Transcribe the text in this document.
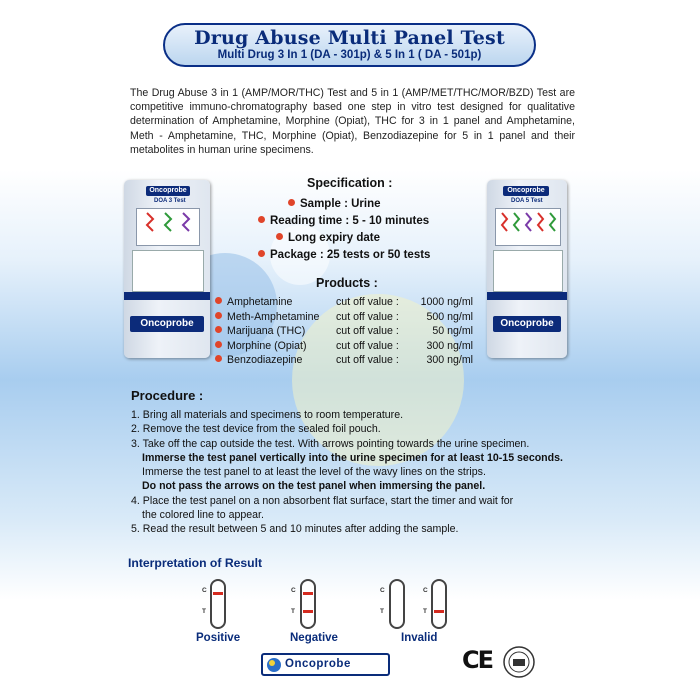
Drug Abuse Multi Panel Test
Multi Drug 3 In 1 (DA - 301p) & 5 In 1 ( DA - 501p)
The Drug Abuse 3 in 1 (AMP/MOR/THC) Test and 5 in 1 (AMP/MET/THC/MOR/BZD) Test are competitive immuno-chromatography based one step in vitro test designed for qualitative determination of Amphetamine, Morphine (Opiat), THC for 3 in 1 panel and Amphetamine, Meth - Amphetamine, THC, Morphine (Opiat), Benzodiazepine for 5 in 1 panel and their metabolites in human urine specimens.
Oncoprobe
DOA 3 Test
Oncoprobe
Oncoprobe
DOA 5 Test
Oncoprobe
Specification :
Sample : Urine
Reading time : 5 - 10 minutes
Long expiry date
Package : 25 tests or 50 tests
Products :
Amphetamine	cut off value :	1000 ng/ml
Meth-Amphetamine cut off value :	500 ng/ml
Marijuana (THC)	cut off value :	50 ng/ml
Morphine (Opiat)	cut off value :	300 ng/ml
Benzodiazepine	cut off value :	300 ng/ml
Procedure :
1. Bring all materials and specimens to room temperature.
2. Remove the test device from the sealed foil pouch.
3. Take off the cap outside the test. With arrows pointing towards the urine specimen.
Immerse the test panel vertically into the urine specimen for at least 10-15 seconds.
Immerse the test panel to at least the level of the wavy lines on the strips.
Do not pass the arrows on the test panel when immersing the panel.
4. Place the test panel on a non absorbent flat surface, start the timer and wait for
the colored line to appear.
5. Read the result between 5 and 10 minutes after adding the sample.
Interpretation of Result
C
T
Positive
C
T
Negative
C
T
C
T
Invalid
Oncoprobe	CE
